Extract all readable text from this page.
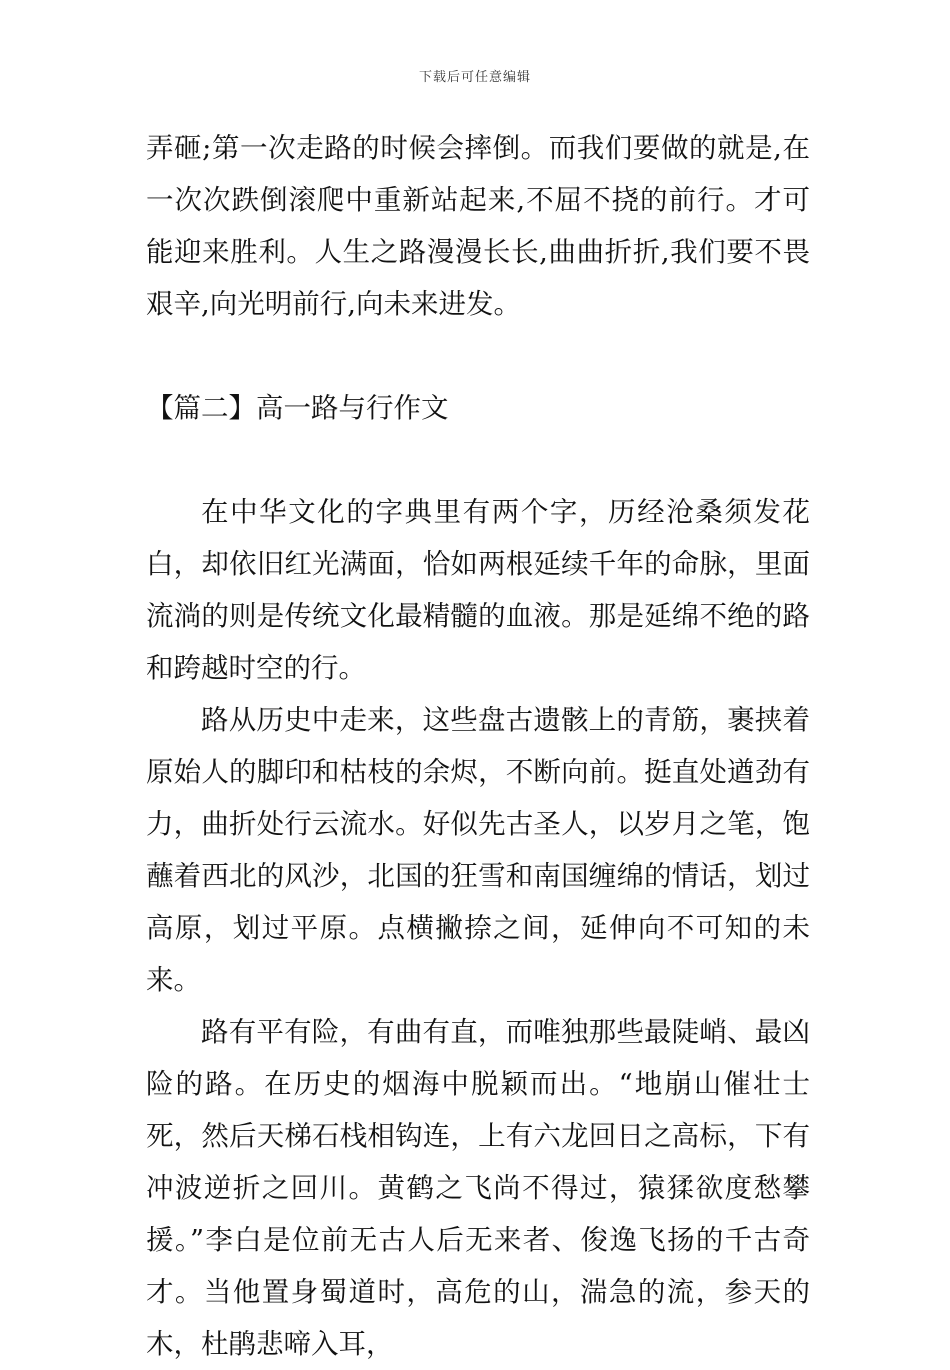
下载后可任意编辑

弄砸;第一次走路的时候会摔倒。而我们要做的就是,在一次次跌倒滚爬中重新站起来,不屈不挠的前行。才可能迎来胜利。人生之路漫漫长长,曲曲折折,我们要不畏艰辛,向光明前行,向未来进发。

【篇二】高一路与行作文

在中华文化的字典里有两个字，历经沧桑须发花白，却依旧红光满面，恰如两根延续千年的命脉，里面流淌的则是传统文化最精髓的血液。那是延绵不绝的路和跨越时空的行。

路从历史中走来，这些盘古遗骸上的青筋，裹挟着原始人的脚印和枯枝的余烬，不断向前。挺直处遒劲有力，曲折处行云流水。好似先古圣人，以岁月之笔，饱蘸着西北的风沙，北国的狂雪和南国缠绵的情话，划过高原，划过平原。点横撇捺之间，延伸向不可知的未来。

路有平有险，有曲有直，而唯独那些最陡峭、最凶险的路。在历史的烟海中脱颖而出。“地崩山催壮士死，然后天梯石栈相钩连，上有六龙回日之高标，下有冲波逆折之回川。黄鹤之飞尚不得过，猿猱欲度愁攀援。”李白是位前无古人后无来者、俊逸飞扬的千古奇才。当他置身蜀道时，高危的山，湍急的流，参天的木，杜鹃悲啼入耳，
